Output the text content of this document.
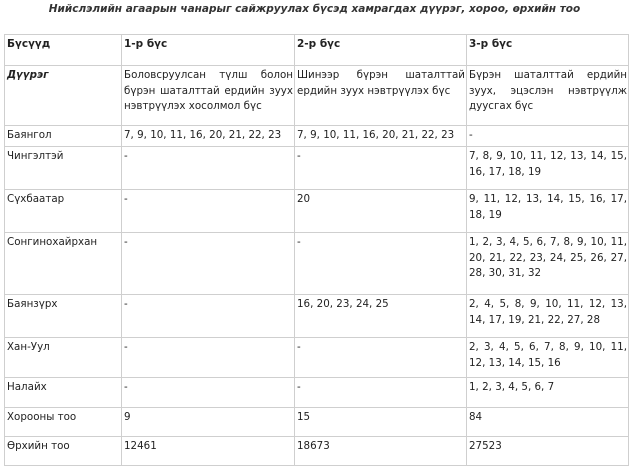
Нийслэлийн агаарын чанарыг сайжруулах бүсэд хамрагдах дүүрэг, хороо, өрхийн тоо
Бүсүүд	1-р бүс	2-р бүс	3-р бүс
Дүүрэг	Боловсруулсан түлш болон бүрэн шаталттай ердийн зуух нэвтрүүлэх хосолмол бүс	Шинээр бүрэн шаталттай ердийн зуух нэвтрүүлэх бүс	Бүрэн шаталттай ердийн зуух, эцэслэн нэвтрүүлж дуусгах бүс
Баянгол	7, 9, 10, 11, 16, 20, 21, 22, 23	7, 9, 10, 11, 16, 20, 21, 22, 23	-
Чингэлтэй	-	-	7, 8, 9, 10, 11, 12, 13, 14, 15, 16, 17, 18, 19
Сүхбаатар	-	20	9, 11, 12, 13, 14, 15, 16, 17, 18, 19
Сонгинохайрхан	-	-	1, 2, 3, 4, 5, 6, 7, 8, 9, 10, 11, 20, 21, 22, 23, 24, 25, 26, 27, 28, 30, 31, 32
Баянзүрх	-	16, 20, 23, 24, 25	2, 4, 5, 8, 9, 10, 11, 12, 13, 14, 17, 19, 21, 22, 27, 28
Хан-Уул	-	-	2, 3, 4, 5, 6, 7, 8, 9, 10, 11, 12, 13, 14, 15, 16
Налайх	-	-	1, 2, 3, 4, 5, 6, 7
Хорооны тоо	9	15	84
Өрхийн тоо	12461	18673	27523
